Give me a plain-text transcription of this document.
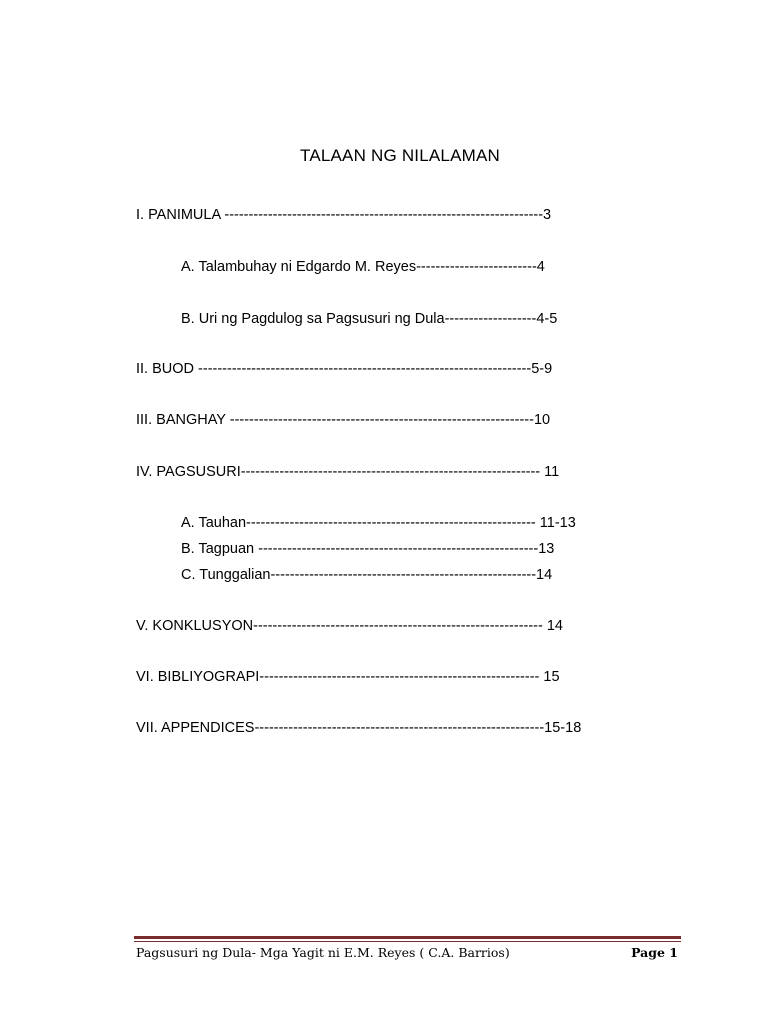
TALAAN NG NILALAMAN
I. PANIMULA ------------------------------------------------------------------3
A. Talambuhay ni Edgardo M. Reyes-------------------------4
B. Uri ng Pagdulog sa Pagsusuri ng Dula-------------------4-5
II. BUOD ---------------------------------------------------------------------5-9
III. BANGHAY ---------------------------------------------------------------10
IV. PAGSUSURI-------------------------------------------------------------- 11
A. Tauhan------------------------------------------------------------ 11-13
B. Tagpuan ----------------------------------------------------------13
C. Tunggalian-------------------------------------------------------14
V. KONKLUSYON------------------------------------------------------------ 14
VI. BIBLIYOGRAPI---------------------------------------------------------- 15
VII. APPENDICES------------------------------------------------------------15-18
Pagsusuri ng Dula- Mga Yagit ni E.M. Reyes ( C.A. Barrios)	Page 1
